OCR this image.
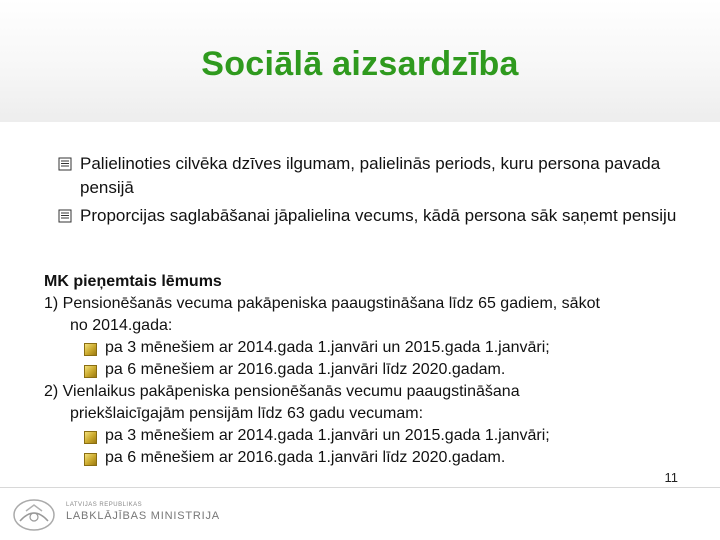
Sociālā aizsardzība
Palielinoties cilvēka dzīves ilgumam, palielinās periods, kuru persona pavada pensijā
Proporcijas saglabāšanai jāpalielina vecums, kādā persona sāk saņemt pensiju
MK pieņemtais lēmums
1) Pensionēšanās vecuma pakāpeniska paaugstināšana līdz 65 gadiem, sākot
no 2014.gada:
pa 3 mēnešiem ar 2014.gada 1.janvāri un 2015.gada 1.janvāri;
pa 6 mēnešiem ar 2016.gada 1.janvāri līdz 2020.gadam.
2) Vienlaikus pakāpeniska pensionēšanās vecumu paaugstināšana
priekšlaicīgajām pensijām līdz 63 gadu vecumam:
pa 3 mēnešiem ar 2014.gada 1.janvāri un 2015.gada 1.janvāri;
pa 6 mēnešiem ar 2016.gada 1.janvāri līdz 2020.gadam.
11
LATVIJAS REPUBLIKAS
LABKLĀJĪBAS MINISTRIJA
